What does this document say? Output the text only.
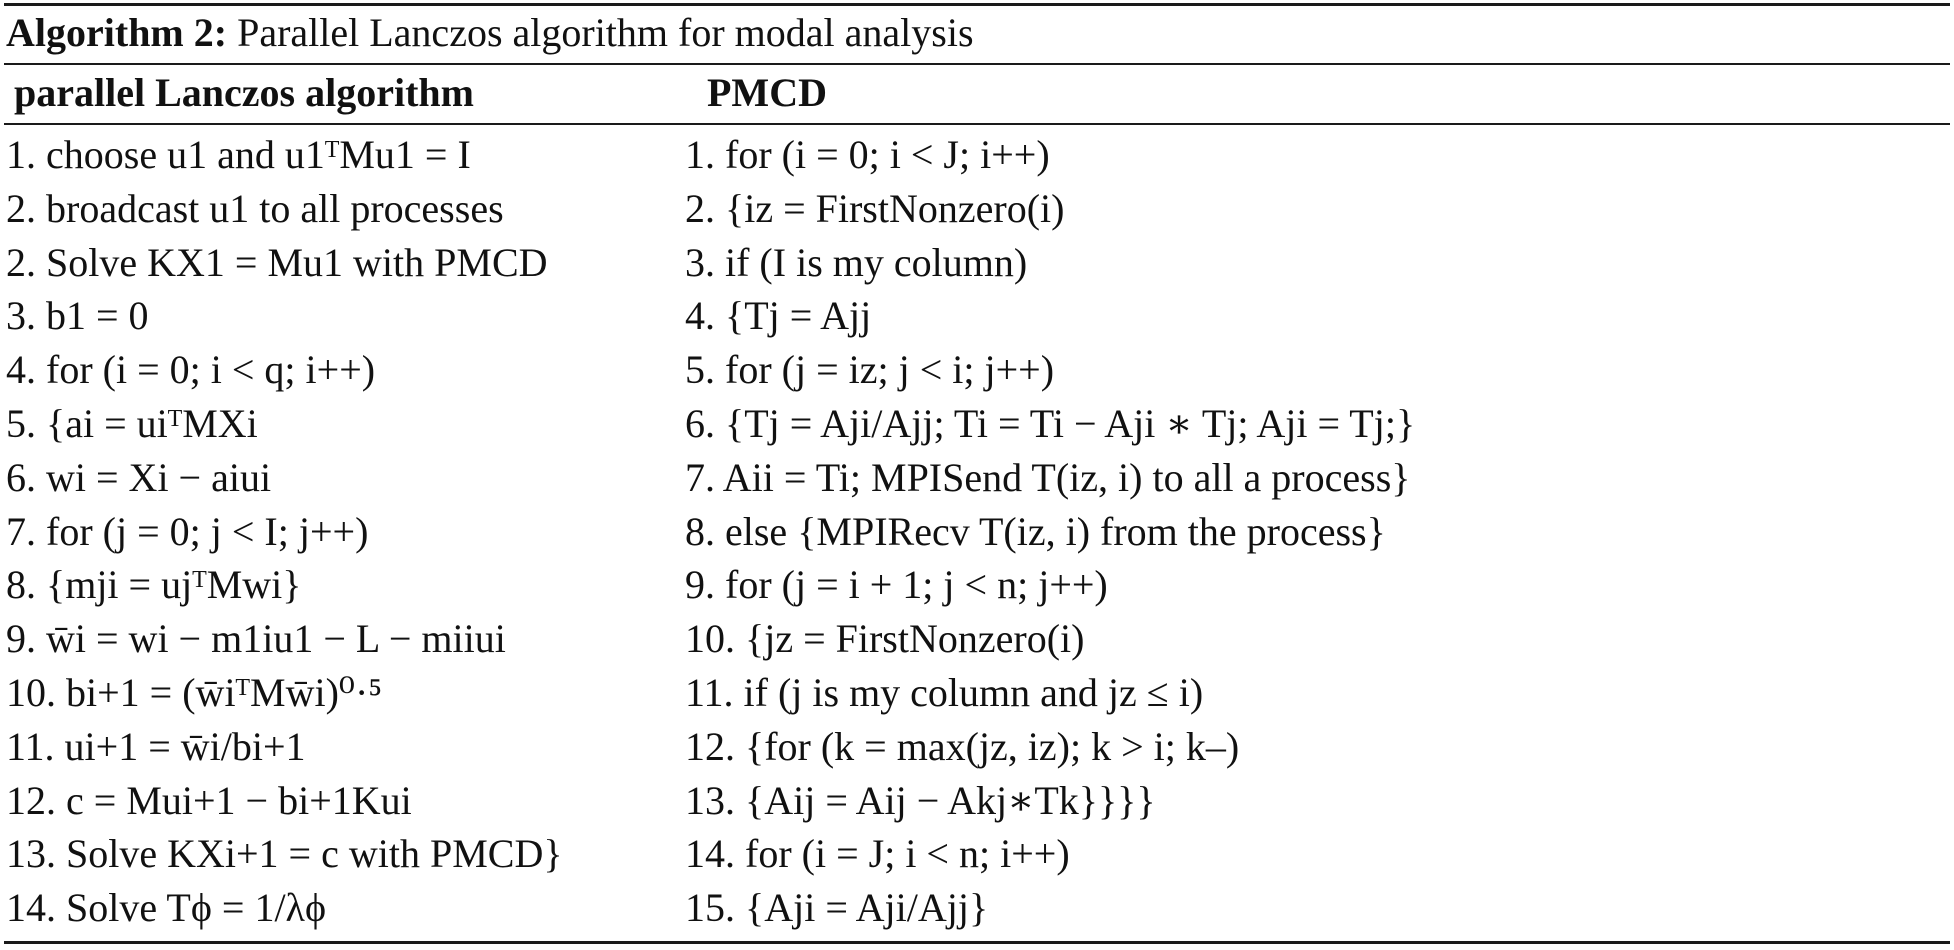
Algorithm 2: Parallel Lanczos algorithm for modal analysis
parallel Lanczos algorithm	PMCD
1. choose u1 and u1ᵀMu1 = I
2. broadcast u1 to all processes
2. Solve KX1 = Mu1 with PMCD
3. b1 = 0
4. for (i = 0; i < q; i++)
5. {ai = uiᵀMXi
6. wi = Xi − aiui
7. for (j = 0; j < I; j++)
8. {mji = ujᵀMwi}
9. w̄i = wi − m1iu1 − L − miiui
10. bi+1 = (w̄iᵀMw̄i)⁰·⁵
11. ui+1 = w̄i/bi+1
12. c = Mui+1 − bi+1Kui
13. Solve KXi+1 = c with PMCD}
14. Solve Tϕ = 1/λϕ
1. for (i = 0; i < J; i++)
2. {iz = FirstNonzero(i)
3. if (I is my column)
4. {Tj = Ajj
5. for (j = iz; j < i; j++)
6. {Tj = Aji/Ajj; Ti = Ti − Aji ∗ Tj; Aji = Tj;}
7. Aii = Ti; MPISend T(iz, i) to all a process}
8. else {MPIRecv T(iz, i) from the process}
9. for (j = i + 1; j < n; j++)
10. {jz = FirstNonzero(i)
11. if (j is my column and jz ≤ i)
12. {for (k = max(jz, iz); k > i; k–)
13. {Aij = Aij − Akj∗Tk}}}}
14. for (i = J; i < n; i++)
15. {Aji = Aji/Ajj}
